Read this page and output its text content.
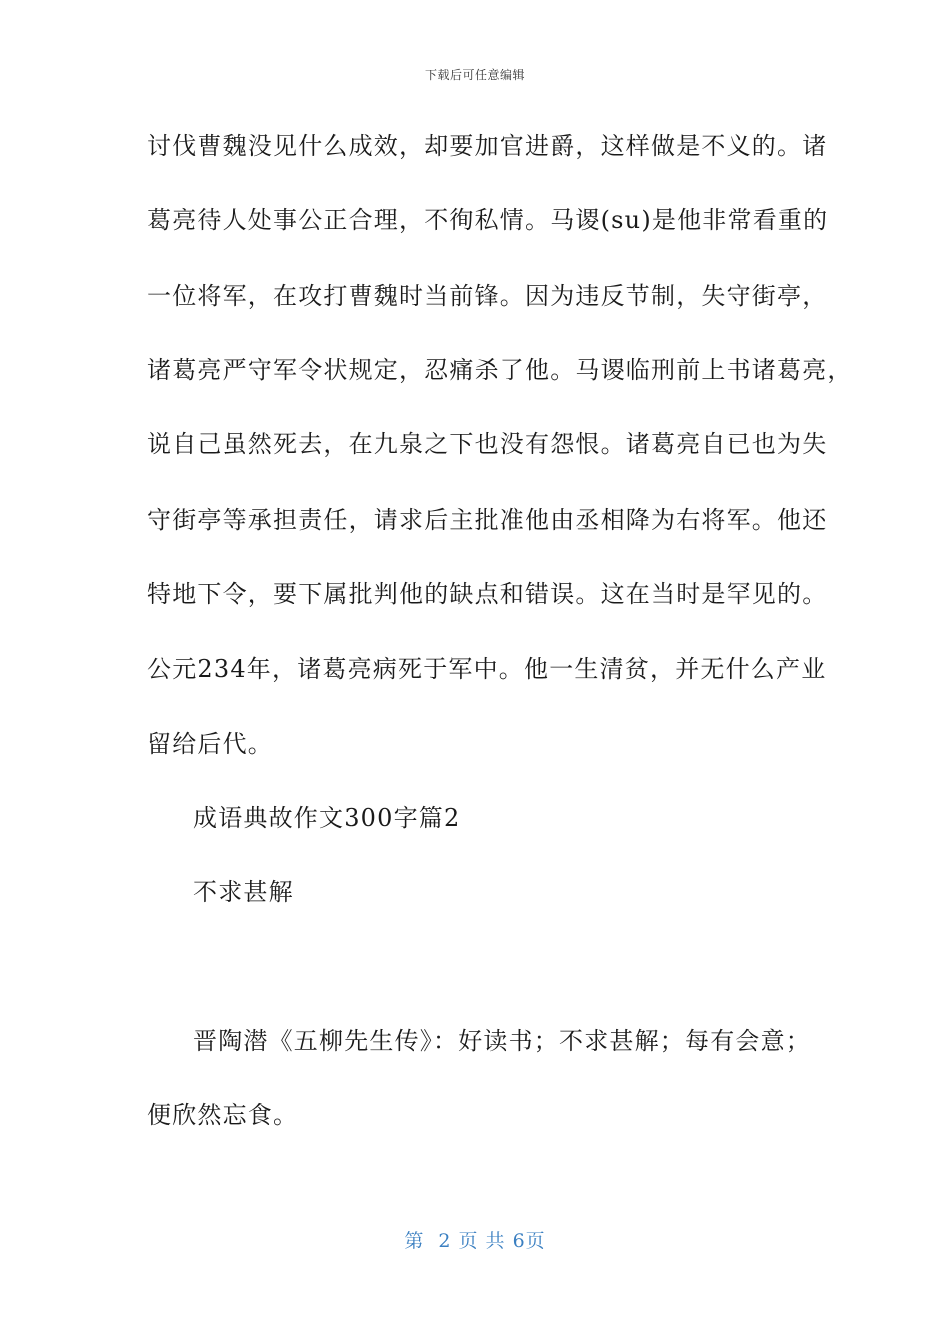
下载后可任意编辑
讨伐曹魏没见什么成效，却要加官进爵，这样做是不义的。诸
葛亮待人处事公正合理，不徇私情。马谡(su)是他非常看重的
一位将军，在攻打曹魏时当前锋。因为违反节制，失守街亭，
诸葛亮严守军令状规定，忍痛杀了他。马谡临刑前上书诸葛亮，
说自己虽然死去，在九泉之下也没有怨恨。诸葛亮自已也为失
守街亭等承担责任，请求后主批准他由丞相降为右将军。他还
特地下令，要下属批判他的缺点和错误。这在当时是罕见的。
公元234年，诸葛亮病死于军中。他一生清贫，并无什么产业
留给后代。
成语典故作文300字篇2
不求甚解
晋陶潜《五柳先生传》：好读书；不求甚解；每有会意；
便欣然忘食。
第  2 页 共 6页
